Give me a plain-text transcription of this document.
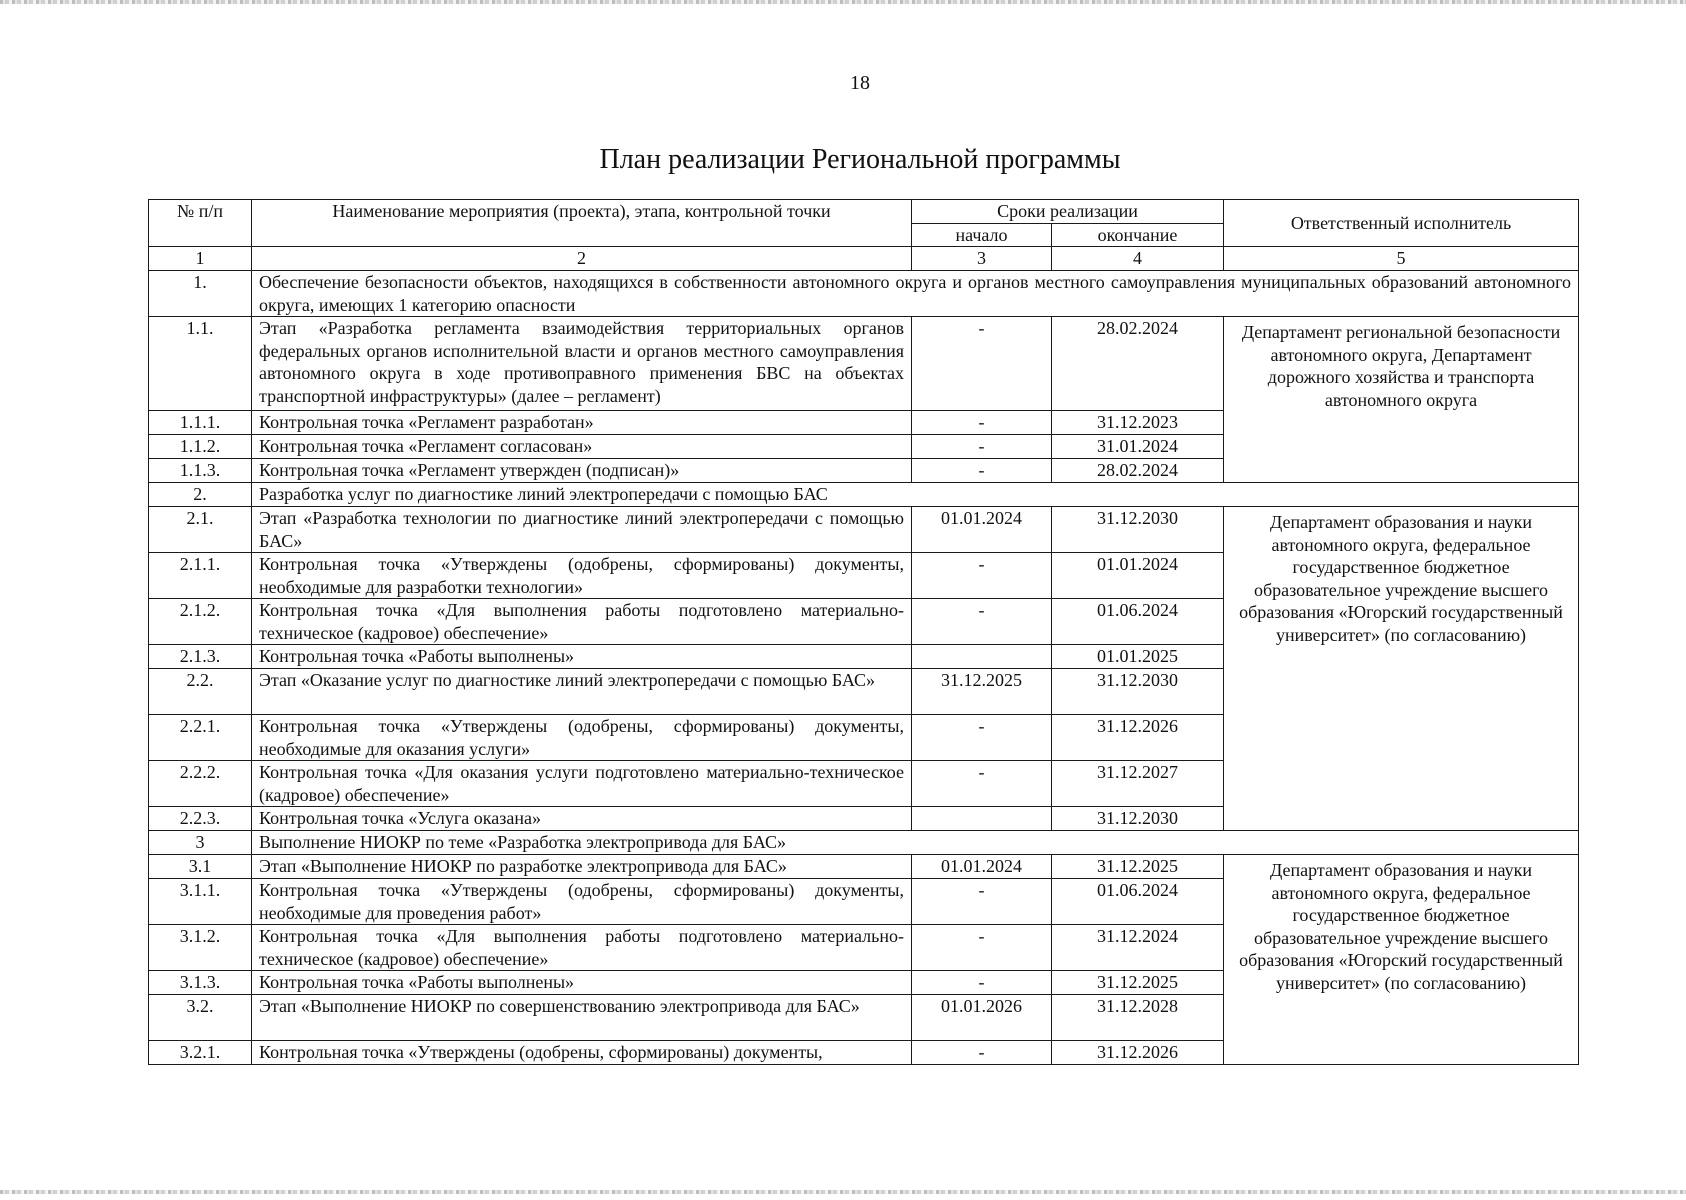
18
План реализации Региональной программы
№ п/п	Наименование мероприятия (проекта), этапа, контрольной точки	Сроки реализации		Ответственный исполнитель
		начало	окончание	
1	2	3	4	5
1.	Обеспечение безопасности объектов, находящихся в собственности автономного округа и органов местного самоуправления муниципальных образований автономного округа, имеющих 1 категорию опасности			
1.1.	Этап «Разработка регламента взаимодействия территориальных органов федеральных органов исполнительной власти и органов местного самоуправления автономного округа в ходе противоправного применения БВС на объектах транспортной инфраструктуры» (далее – регламент)	-	28.02.2024	Департамент региональной безопасности автономного округа, Департамент дорожного хозяйства и транспорта автономного округа
1.1.1.	Контрольная точка «Регламент разработан»	-	31.12.2023	
1.1.2.	Контрольная точка «Регламент согласован»	-	31.01.2024	
1.1.3.	Контрольная точка «Регламент утвержден (подписан)»	-	28.02.2024	
2.	Разработка услуг по диагностике линий электропередачи с помощью БАС			
2.1.	Этап «Разработка технологии по диагностике линий электропередачи с помощью БАС»	01.01.2024	31.12.2030	Департамент образования и науки автономного округа, федеральное государственное бюджетное образовательное учреждение высшего образования «Югорский государственный университет» (по согласованию)
2.1.1.	Контрольная точка «Утверждены (одобрены, сформированы) документы, необходимые для разработки технологии»	-	01.01.2024	
2.1.2.	Контрольная точка «Для выполнения работы подготовлено материально-техническое (кадровое) обеспечение»	-	01.06.2024	
2.1.3.	Контрольная точка «Работы выполнены»		01.01.2025	
2.2.	Этап «Оказание услуг по диагностике линий электропередачи с помощью БАС»	31.12.2025	31.12.2030	
2.2.1.	Контрольная точка «Утверждены (одобрены, сформированы) документы, необходимые для оказания услуги»	-	31.12.2026	
2.2.2.	Контрольная точка «Для оказания услуги подготовлено материально-техническое (кадровое) обеспечение»	-	31.12.2027	
2.2.3.	Контрольная точка «Услуга оказана»		31.12.2030	
3	Выполнение НИОКР по теме «Разработка электропривода для БАС»			
3.1	Этап «Выполнение НИОКР по разработке электропривода для БАС»	01.01.2024	31.12.2025	Департамент образования и науки автономного округа, федеральное государственное бюджетное образовательное учреждение высшего образования «Югорский государственный университет» (по согласованию)
3.1.1.	Контрольная точка «Утверждены (одобрены, сформированы) документы, необходимые для проведения работ»	-	01.06.2024	
3.1.2.	Контрольная точка «Для выполнения работы подготовлено материально-техническое (кадровое) обеспечение»	-	31.12.2024	
3.1.3.	Контрольная точка «Работы выполнены»	-	31.12.2025	
3.2.	Этап «Выполнение НИОКР по совершенствованию электропривода для БАС»	01.01.2026	31.12.2028	
3.2.1.	Контрольная точка «Утверждены (одобрены, сформированы) документы,	-	31.12.2026	
